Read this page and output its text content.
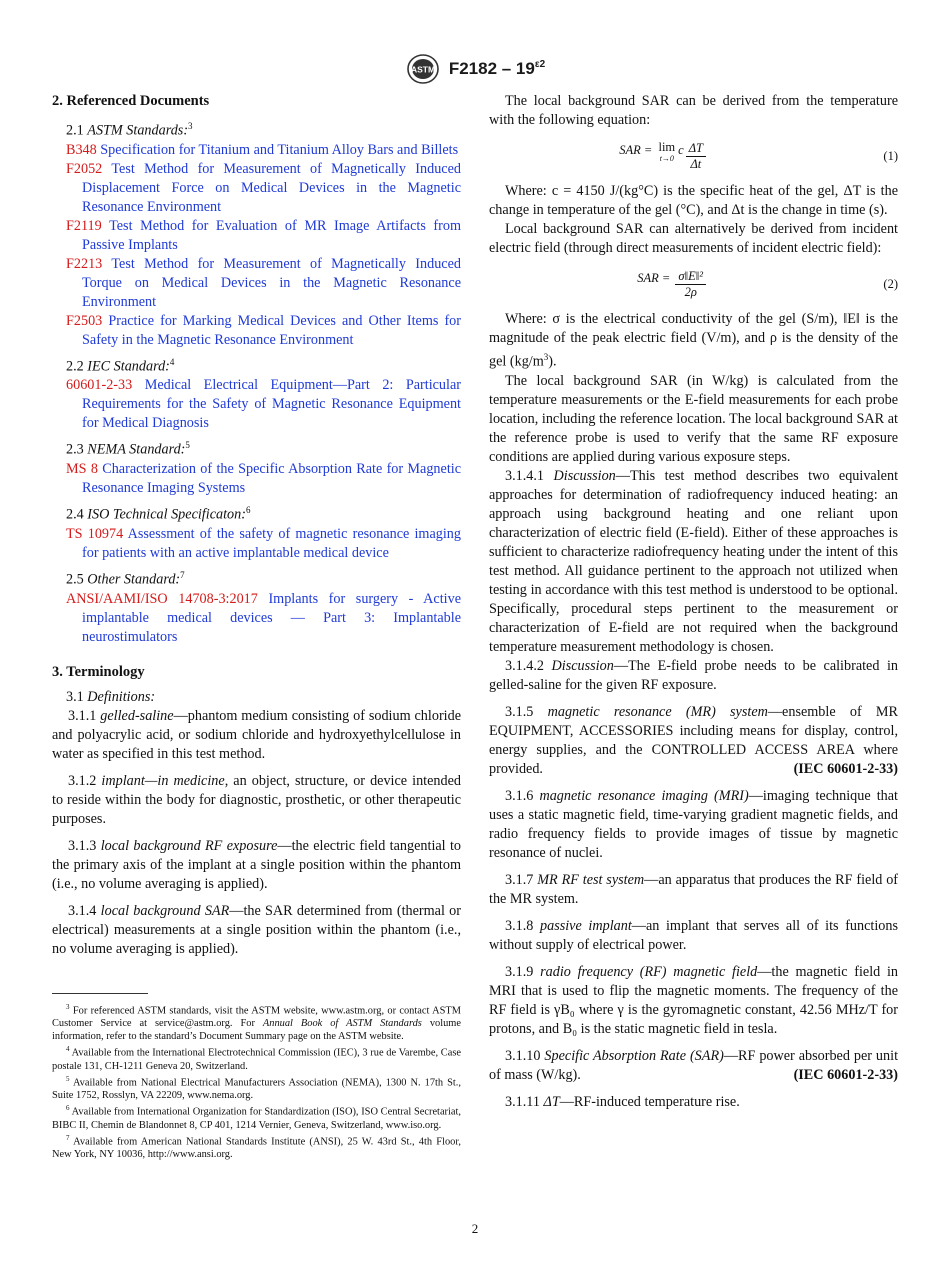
ASTM $F2182 - 19^{\varepsilon 2}$
2. Referenced Documents
2.1 ASTM Standards:$^3$
B348 Specification for Titanium and Titanium Alloy Bars and Billets
F2052 Test Method for Measurement of Magnetically Induced Displacement Force on Medical Devices in the Magnetic Resonance Environment
F2119 Test Method for Evaluation of MR Image Artifacts from Passive Implants
F2213 Test Method for Measurement of Magnetically Induced Torque on Medical Devices in the Magnetic Resonance Environment
F2503 Practice for Marking Medical Devices and Other Items for Safety in the Magnetic Resonance Environment
2.2 IEC Standard:$^4$
60601-2-33 Medical Electrical Equipment—Part 2: Particular Requirements for the Safety of Magnetic Resonance Equipment for Medical Diagnosis
2.3 NEMA Standard:$^5$
MS 8 Characterization of the Specific Absorption Rate for Magnetic Resonance Imaging Systems
2.4 ISO Technical Specificaton:$^6$
TS 10974 Assessment of the safety of magnetic resonance imaging for patients with an active implantable medical device
2.5 Other Standard:$^7$
ANSI/AAMI/ISO 14708-3:2017 Implants for surgery - Active implantable medical devices — Part 3: Implantable neurostimulators
3. Terminology
3.1 Definitions:
3.1.1 gelled-saline—phantom medium consisting of sodium chloride and polyacrylic acid, or sodium chloride and hydroxyethylcellulose in water as specified in this test method.
3.1.2 implant—in medicine, an object, structure, or device intended to reside within the body for diagnostic, prosthetic, or other therapeutic purposes.
3.1.3 local background RF exposure—the electric field tangential to the primary axis of the implant at a single position within the phantom (i.e., no volume averaging is applied).
3.1.4 local background SAR—the SAR determined from (thermal or electrical) measurements at a single position within the phantom (i.e., no volume averaging is applied).
The local background SAR can be derived from the temperature with the following equation:
SAR = lim
t→0
c $\frac{\Delta T}{\Delta t}$	(1)
Where: c = 4150 J/(kg°C) is the specific heat of the gel, ΔT is the change in temperature of the gel (°C), and Δt is the change in time (s).
Local background SAR can alternatively be derived from incident electric field (through direct measurements of incident electric field):
SAR = $\frac{\text{σ‖E‖²}}{2\rho}$	(2)
Where: σ is the electrical conductivity of the gel (S/m), ‖E‖ is the magnitude of the peak electric field (V/m), and ρ is the density of the gel $(kg/m^3)$.
The local background SAR (in W/kg) is calculated from the temperature measurements or the E-field measurements for each probe location, including the reference location. The local background SAR at the reference probe is used to verify that the same RF exposure conditions are applied during various exposure steps.
3.1.4.1 Discussion—This test method describes two equivalent approaches for determination of radiofrequency induced heating: an approach using background heating and one reliant upon characterization of electric field (E-field). Either of these approaches is sufficient to characterize radiofrequency heating under the intent of this test method. All guidance pertinent to the approach not utilized when testing in accordance with this test method is understood to be optional. Specifically, procedural steps pertinent to the measurement or characterization of E-field are not required when the background temperature measurement methodology is chosen.
3.1.4.2 Discussion—The E-field probe needs to be calibrated in gelled-saline for the given RF exposure.
3.1.5 magnetic resonance (MR) system—ensemble of MR EQUIPMENT, ACCESSORIES including means for display, control, energy supplies, and the CONTROLLED ACCESS AREA where provided.	(IEC 60601-2-33)
3.1.6 magnetic resonance imaging (MRI)—imaging technique that uses a static magnetic field, time-varying gradient magnetic fields, and radio frequency fields to provide images of tissue by magnetic resonance of nuclei.
3.1.7 MR RF test system—an apparatus that produces the RF field of the MR system.
3.1.8 passive implant—an implant that serves all of its functions without supply of electrical power.
3.1.9 radio frequency (RF) magnetic field—the magnetic field in MRI that is used to flip the magnetic moments. The frequency of the RF field is γB₀ where γ is the gyromagnetic constant, 42.56 MHz/T for protons, and B₀ is the static magnetic field in tesla.
3.1.10 Specific Absorption Rate (SAR)—RF power absorbed per unit of mass (W/kg).	(IEC 60601-2-33)
3.1.11 ΔT—RF-induced temperature rise.
$^3$ For referenced ASTM standards, visit the ASTM website, www.astm.org, or contact ASTM Customer Service at service@astm.org. For Annual Book of ASTM Standards volume information, refer to the standard’s Document Summary page on the ASTM website.
$^4$ Available from the International Electrotechnical Commission (IEC), 3 rue de Varembe, Case postale 131, CH-1211 Geneva 20, Switzerland.
$^5$ Available from National Electrical Manufacturers Association (NEMA), 1300 N. 17th St., Suite 1752, Rosslyn, VA 22209, www.nema.org.
$^6$ Available from International Organization for Standardization (ISO), ISO Central Secretariat, BIBC II, Chemin de Blandonnet 8, CP 401, 1214 Vernier, Geneva, Switzerland, www.iso.org.
$^7$ Available from American National Standards Institute (ANSI), 25 W. 43rd St., 4th Floor, New York, NY 10036, http://www.ansi.org.
2
